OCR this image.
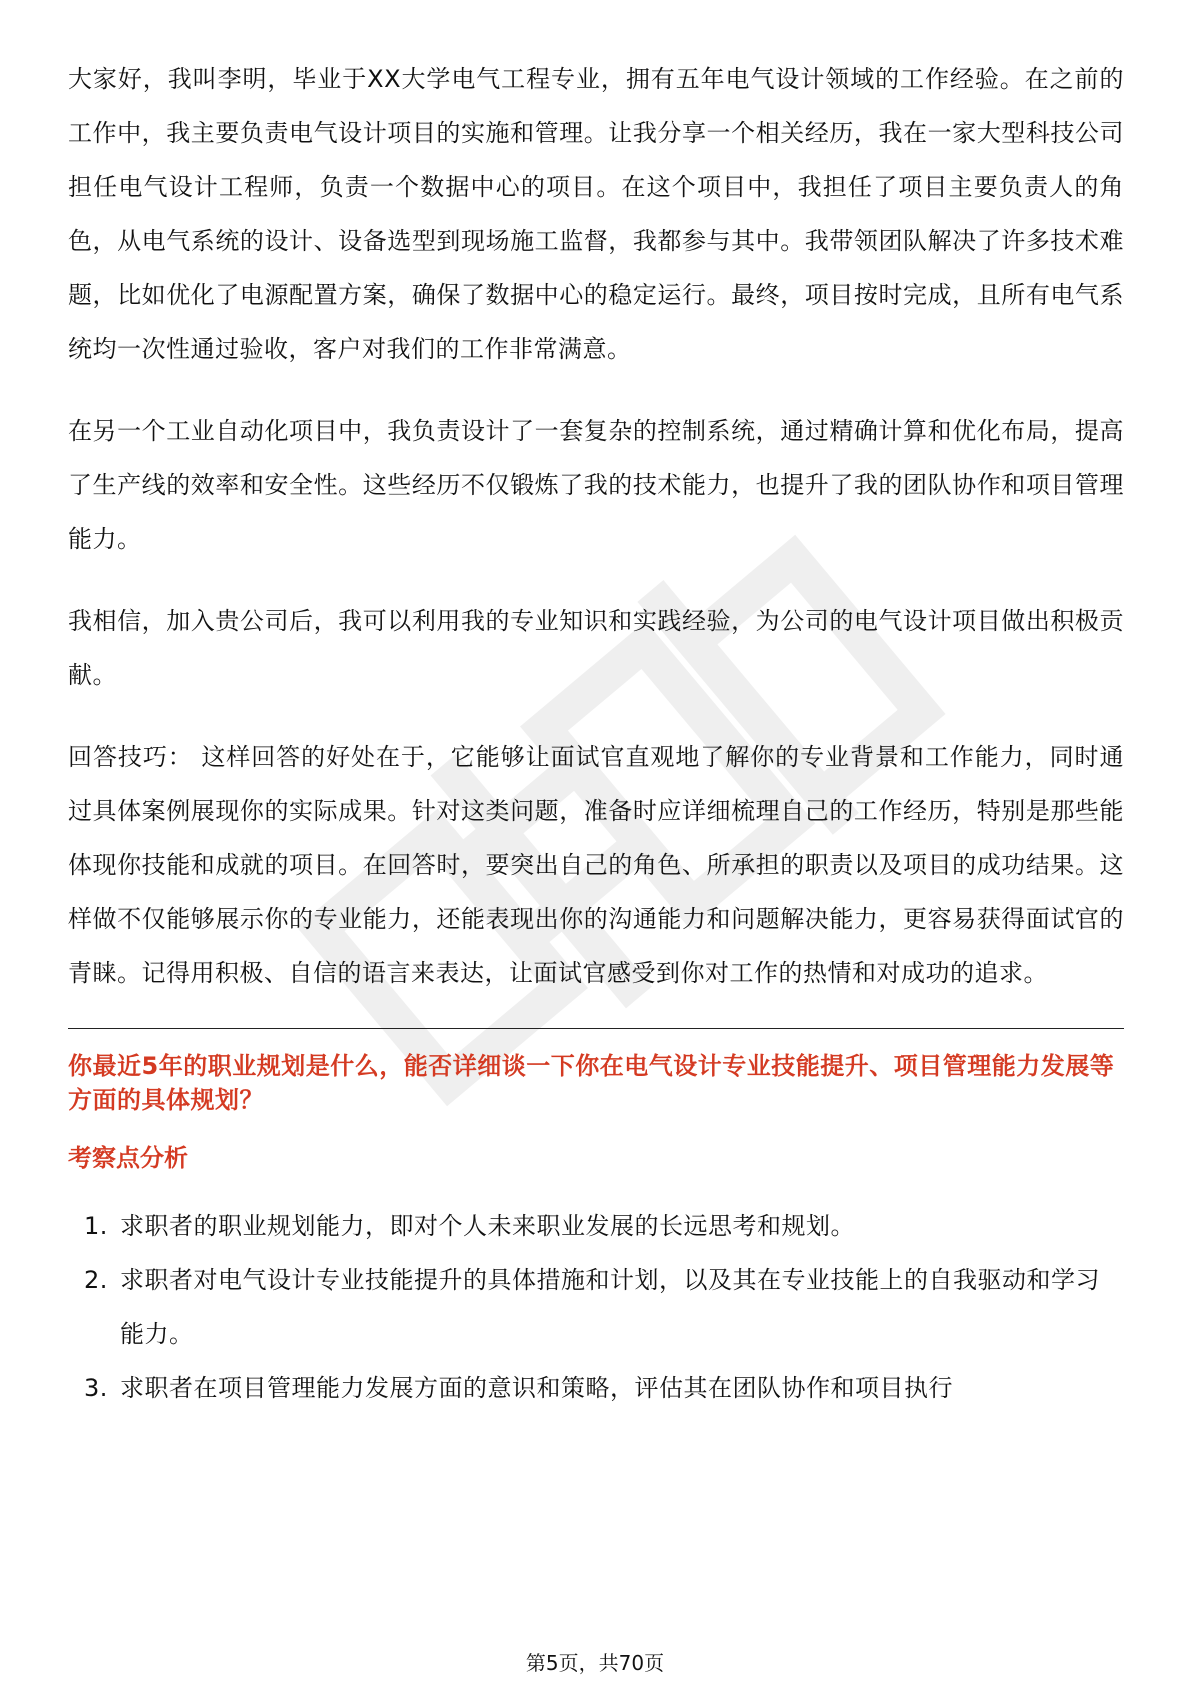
大家好，我叫李明，毕业于XX大学电气工程专业，拥有五年电气设计领域的工作经验。在之前的工作中，我主要负责电气设计项目的实施和管理。让我分享一个相关经历，我在一家大型科技公司担任电气设计工程师，负责一个数据中心的项目。在这个项目中，我担任了项目主要负责人的角色，从电气系统的设计、设备选型到现场施工监督，我都参与其中。我带领团队解决了许多技术难题，比如优化了电源配置方案，确保了数据中心的稳定运行。最终，项目按时完成，且所有电气系统均一次性通过验收，客户对我们的工作非常满意。

在另一个工业自动化项目中，我负责设计了一套复杂的控制系统，通过精确计算和优化布局，提高了生产线的效率和安全性。这些经历不仅锻炼了我的技术能力，也提升了我的团队协作和项目管理能力。

我相信，加入贵公司后，我可以利用我的专业知识和实践经验，为公司的电气设计项目做出积极贡献。

回答技巧： 这样回答的好处在于，它能够让面试官直观地了解你的专业背景和工作能力，同时通过具体案例展现你的实际成果。针对这类问题，准备时应详细梳理自己的工作经历，特别是那些能体现你技能和成就的项目。在回答时，要突出自己的角色、所承担的职责以及项目的成功结果。这样做不仅能够展示你的专业能力，还能表现出你的沟通能力和问题解决能力，更容易获得面试官的青睐。记得用积极、自信的语言来表达，让面试官感受到你对工作的热情和对成功的追求。

你最近5年的职业规划是什么，能否详细谈一下你在电气设计专业技能提升、项目管理能力发展等方面的具体规划？
考察点分析
1. 求职者的职业规划能力，即对个人未来职业发展的长远思考和规划。
2. 求职者对电气设计专业技能提升的具体措施和计划，以及其在专业技能上的自我驱动和学习能力。
3. 求职者在项目管理能力发展方面的意识和策略，评估其在团队协作和项目执行
第5页，共70页
